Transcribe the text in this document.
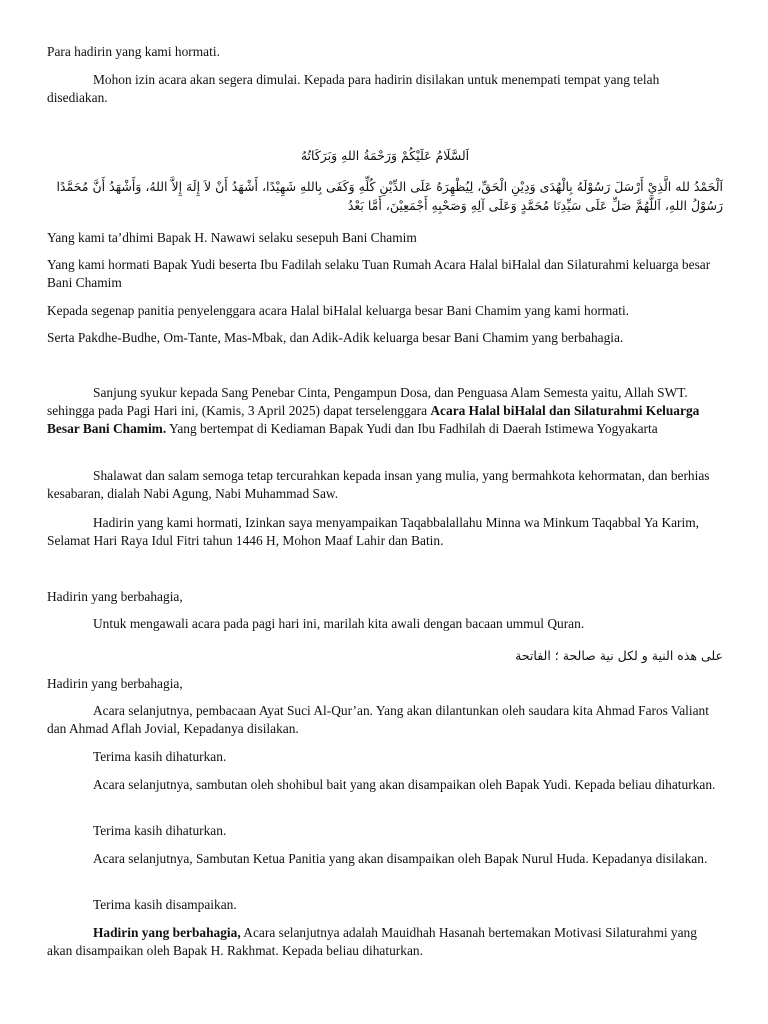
Para hadirin yang kami hormati.

Mohon izin acara akan segera dimulai. Kepada para hadirin disilakan untuk menempati tempat yang telah disediakan.

اَلسَّلَامُ عَلَيْكُمْ وَرَحْمَةُ اللهِ وَبَرَكَاتُهُ
اَلْحَمْدُ لله الَّذِيْ أَرْسَلَ رَسُوْلَهُ بِالْهُدَى وَدِيْنِ الْحَقِّ، لِيُظْهِرَهُ عَلَى الدِّيْنِ كُلِّهِ وَكَفَى بِاللهِ شَهِيْدًا، أَشْهَدُ أَنْ لاَ إِلَهَ إِلاَّ اللهُ، وَأَشْهَدُ أَنَّ مُحَمَّدًا رَسُوْلُ اللهِ، اَللَّهُمَّ صَلِّ عَلَى سَيِّدِنَا مُحَمَّدٍ وَعَلَى آلِهِ وَصَحْبِهِ أَجْمَعِيْنَ، أَمَّا بَعْدُ

Yang kami ta’dhimi Bapak H. Nawawi selaku sesepuh Bani Chamim

Yang kami hormati Bapak Yudi beserta Ibu Fadilah selaku Tuan Rumah Acara Halal biHalal dan Silaturahmi keluarga besar Bani Chamim

Kepada segenap panitia penyelenggara acara Halal biHalal keluarga besar Bani Chamim yang kami hormati.

Serta Pakdhe-Budhe, Om-Tante, Mas-Mbak, dan Adik-Adik keluarga besar Bani Chamim yang berbahagia.

Sanjung syukur kepada Sang Penebar Cinta, Pengampun Dosa, dan Penguasa Alam Semesta yaitu, Allah SWT. sehingga pada Pagi Hari ini, (Kamis, 3 April 2025) dapat terselenggara Acara Halal biHalal dan Silaturahmi Keluarga Besar Bani Chamim. Yang bertempat di Kediaman Bapak Yudi dan Ibu Fadhilah di Daerah Istimewa Yogyakarta

Shalawat dan salam semoga tetap tercurahkan kepada insan yang mulia, yang bermahkota kehormatan, dan berhias kesabaran, dialah Nabi Agung, Nabi Muhammad Saw.

Hadirin yang kami hormati, Izinkan saya menyampaikan Taqabbalallahu Minna wa Minkum Taqabbal Ya Karim, Selamat Hari Raya Idul Fitri tahun 1446 H, Mohon Maaf Lahir dan Batin.

Hadirin yang berbahagia,

Untuk mengawali acara pada pagi hari ini, marilah kita awali dengan bacaan ummul Quran.

على هذه النية و لكل نية صالحة ؛ الفاتحة

Hadirin yang berbahagia,

Acara selanjutnya, pembacaan Ayat Suci Al-Qur’an. Yang akan dilantunkan oleh saudara kita Ahmad Faros Valiant dan Ahmad Aflah Jovial, Kepadanya disilakan.

Terima kasih dihaturkan.

Acara selanjutnya, sambutan oleh shohibul bait yang akan disampaikan oleh Bapak Yudi. Kepada beliau dihaturkan.

Terima kasih dihaturkan.

Acara selanjutnya, Sambutan Ketua Panitia yang akan disampaikan oleh Bapak Nurul Huda. Kepadanya disilakan.

Terima kasih disampaikan.

Hadirin yang berbahagia, Acara selanjutnya adalah Mauidhah Hasanah bertemakan Motivasi Silaturahmi yang akan disampaikan oleh Bapak H. Rakhmat. Kepada beliau dihaturkan.
